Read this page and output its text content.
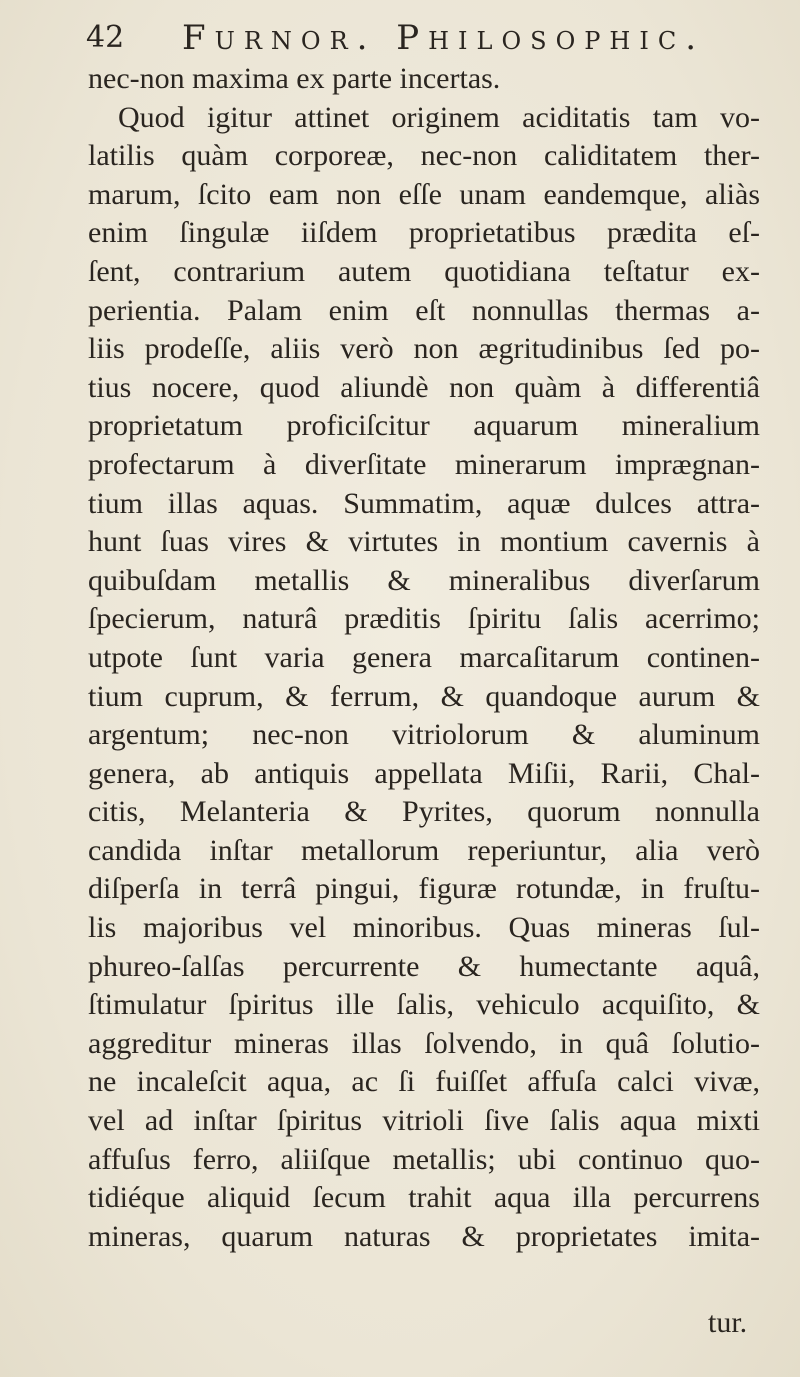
42 Furnor. Philosophic.
nec-non maxima ex parte incertas.
Quod igitur attinet originem aciditatis tam vo-
latilis quàm corporeæ, nec-non caliditatem ther-
marum, ſcito eam non eſſe unam eandemque, aliàs
enim ſingulæ iiſdem proprietatibus prædita eſ-
ſent, contrarium autem quotidiana teſtatur ex-
perientia. Palam enim eſt nonnullas thermas a-
liis prodeſſe, aliis verò non ægritudinibus ſed po-
tius nocere, quod aliundè non quàm à differentiâ
proprietatum proficiſcitur aquarum mineralium
profectarum à diverſitate minerarum imprægnan-
tium illas aquas. Summatim, aquæ dulces attra-
hunt ſuas vires & virtutes in montium cavernis à
quibuſdam metallis & mineralibus diverſarum
ſpecierum, naturâ præditis ſpiritu ſalis acerrimo;
utpote ſunt varia genera marcaſitarum continen-
tium cuprum, & ferrum, & quandoque aurum &
argentum; nec-non vitriolorum & aluminum
genera, ab antiquis appellata Miſii, Rarii, Chal-
citis, Melanteria & Pyrites, quorum nonnulla
candida inſtar metallorum reperiuntur, alia verò
diſperſa in terrâ pingui, figuræ rotundæ, in fruſtu-
lis majoribus vel minoribus. Quas mineras ſul-
phureo-ſalſas percurrente & humectante aquâ,
ſtimulatur ſpiritus ille ſalis, vehiculo acquiſito, &
aggreditur mineras illas ſolvendo, in quâ ſolutio-
ne incaleſcit aqua, ac ſi fuiſſet affuſa calci vivæ,
vel ad inſtar ſpiritus vitrioli ſive ſalis aqua mixti
affuſus ferro, aliiſque metallis; ubi continuo quo-
tidiéque aliquid ſecum trahit aqua illa percurrens
mineras, quarum naturas & proprietates imita-
tur.
